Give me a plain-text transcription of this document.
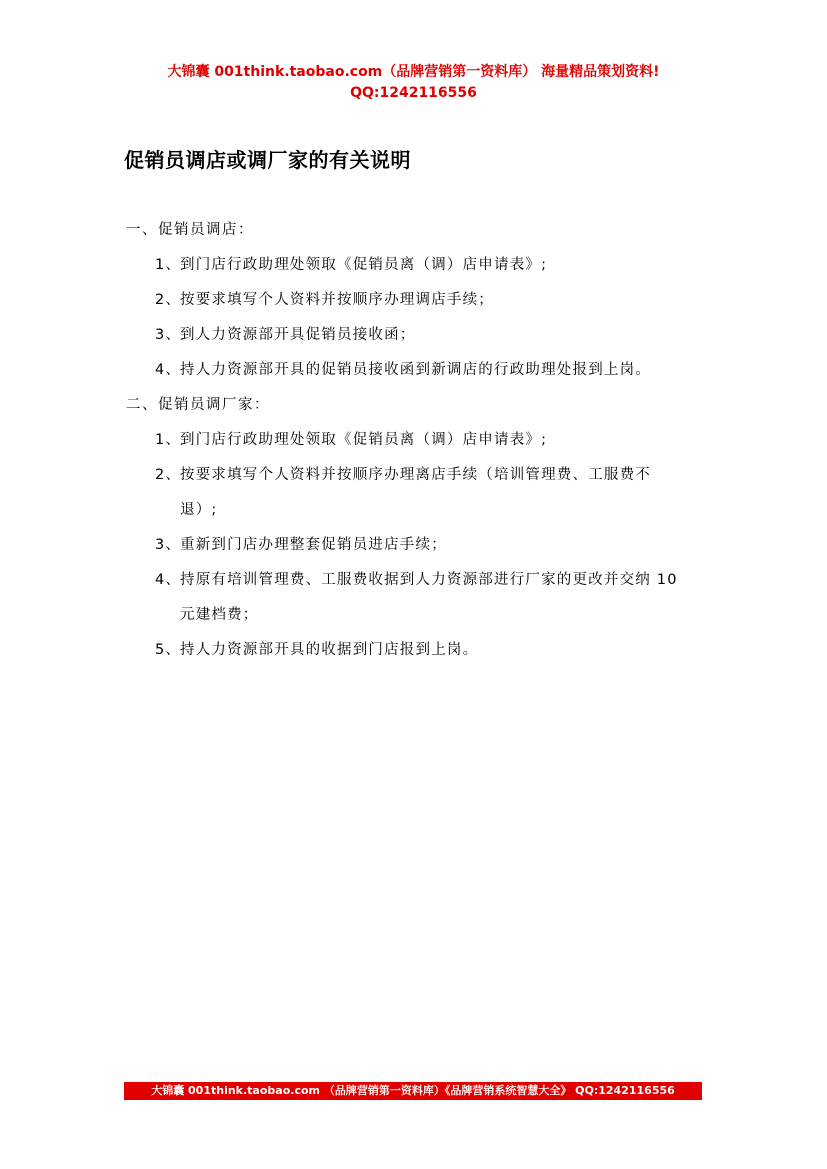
大锦囊 001think.taobao.com（品牌营销第一资料库） 海量精品策划资料!
QQ:1242116556
促销员调店或调厂家的有关说明
一、促销员调店：
1、
到门店行政助理处领取《促销员离（调）店申请表》;
2、
按要求填写个人资料并按顺序办理调店手续；
3、
到人力资源部开具促销员接收函；
4、
持人力资源部开具的促销员接收函到新调店的行政助理处报到上岗。
二、促销员调厂家：
1、
到门店行政助理处领取《促销员离（调）店申请表》;
2、
按要求填写个人资料并按顺序办理离店手续（培训管理费、工服费不
退）;
3、
重新到门店办理整套促销员进店手续；
4、
持原有培训管理费、工服费收据到人力资源部进行厂家的更改并交纳 10
元建档费；
5、
持人力资源部开具的收据到门店报到上岗。
大锦囊 001think.taobao.com （品牌营销第一资料库）《品牌营销系统智慧大全》 QQ:1242116556
